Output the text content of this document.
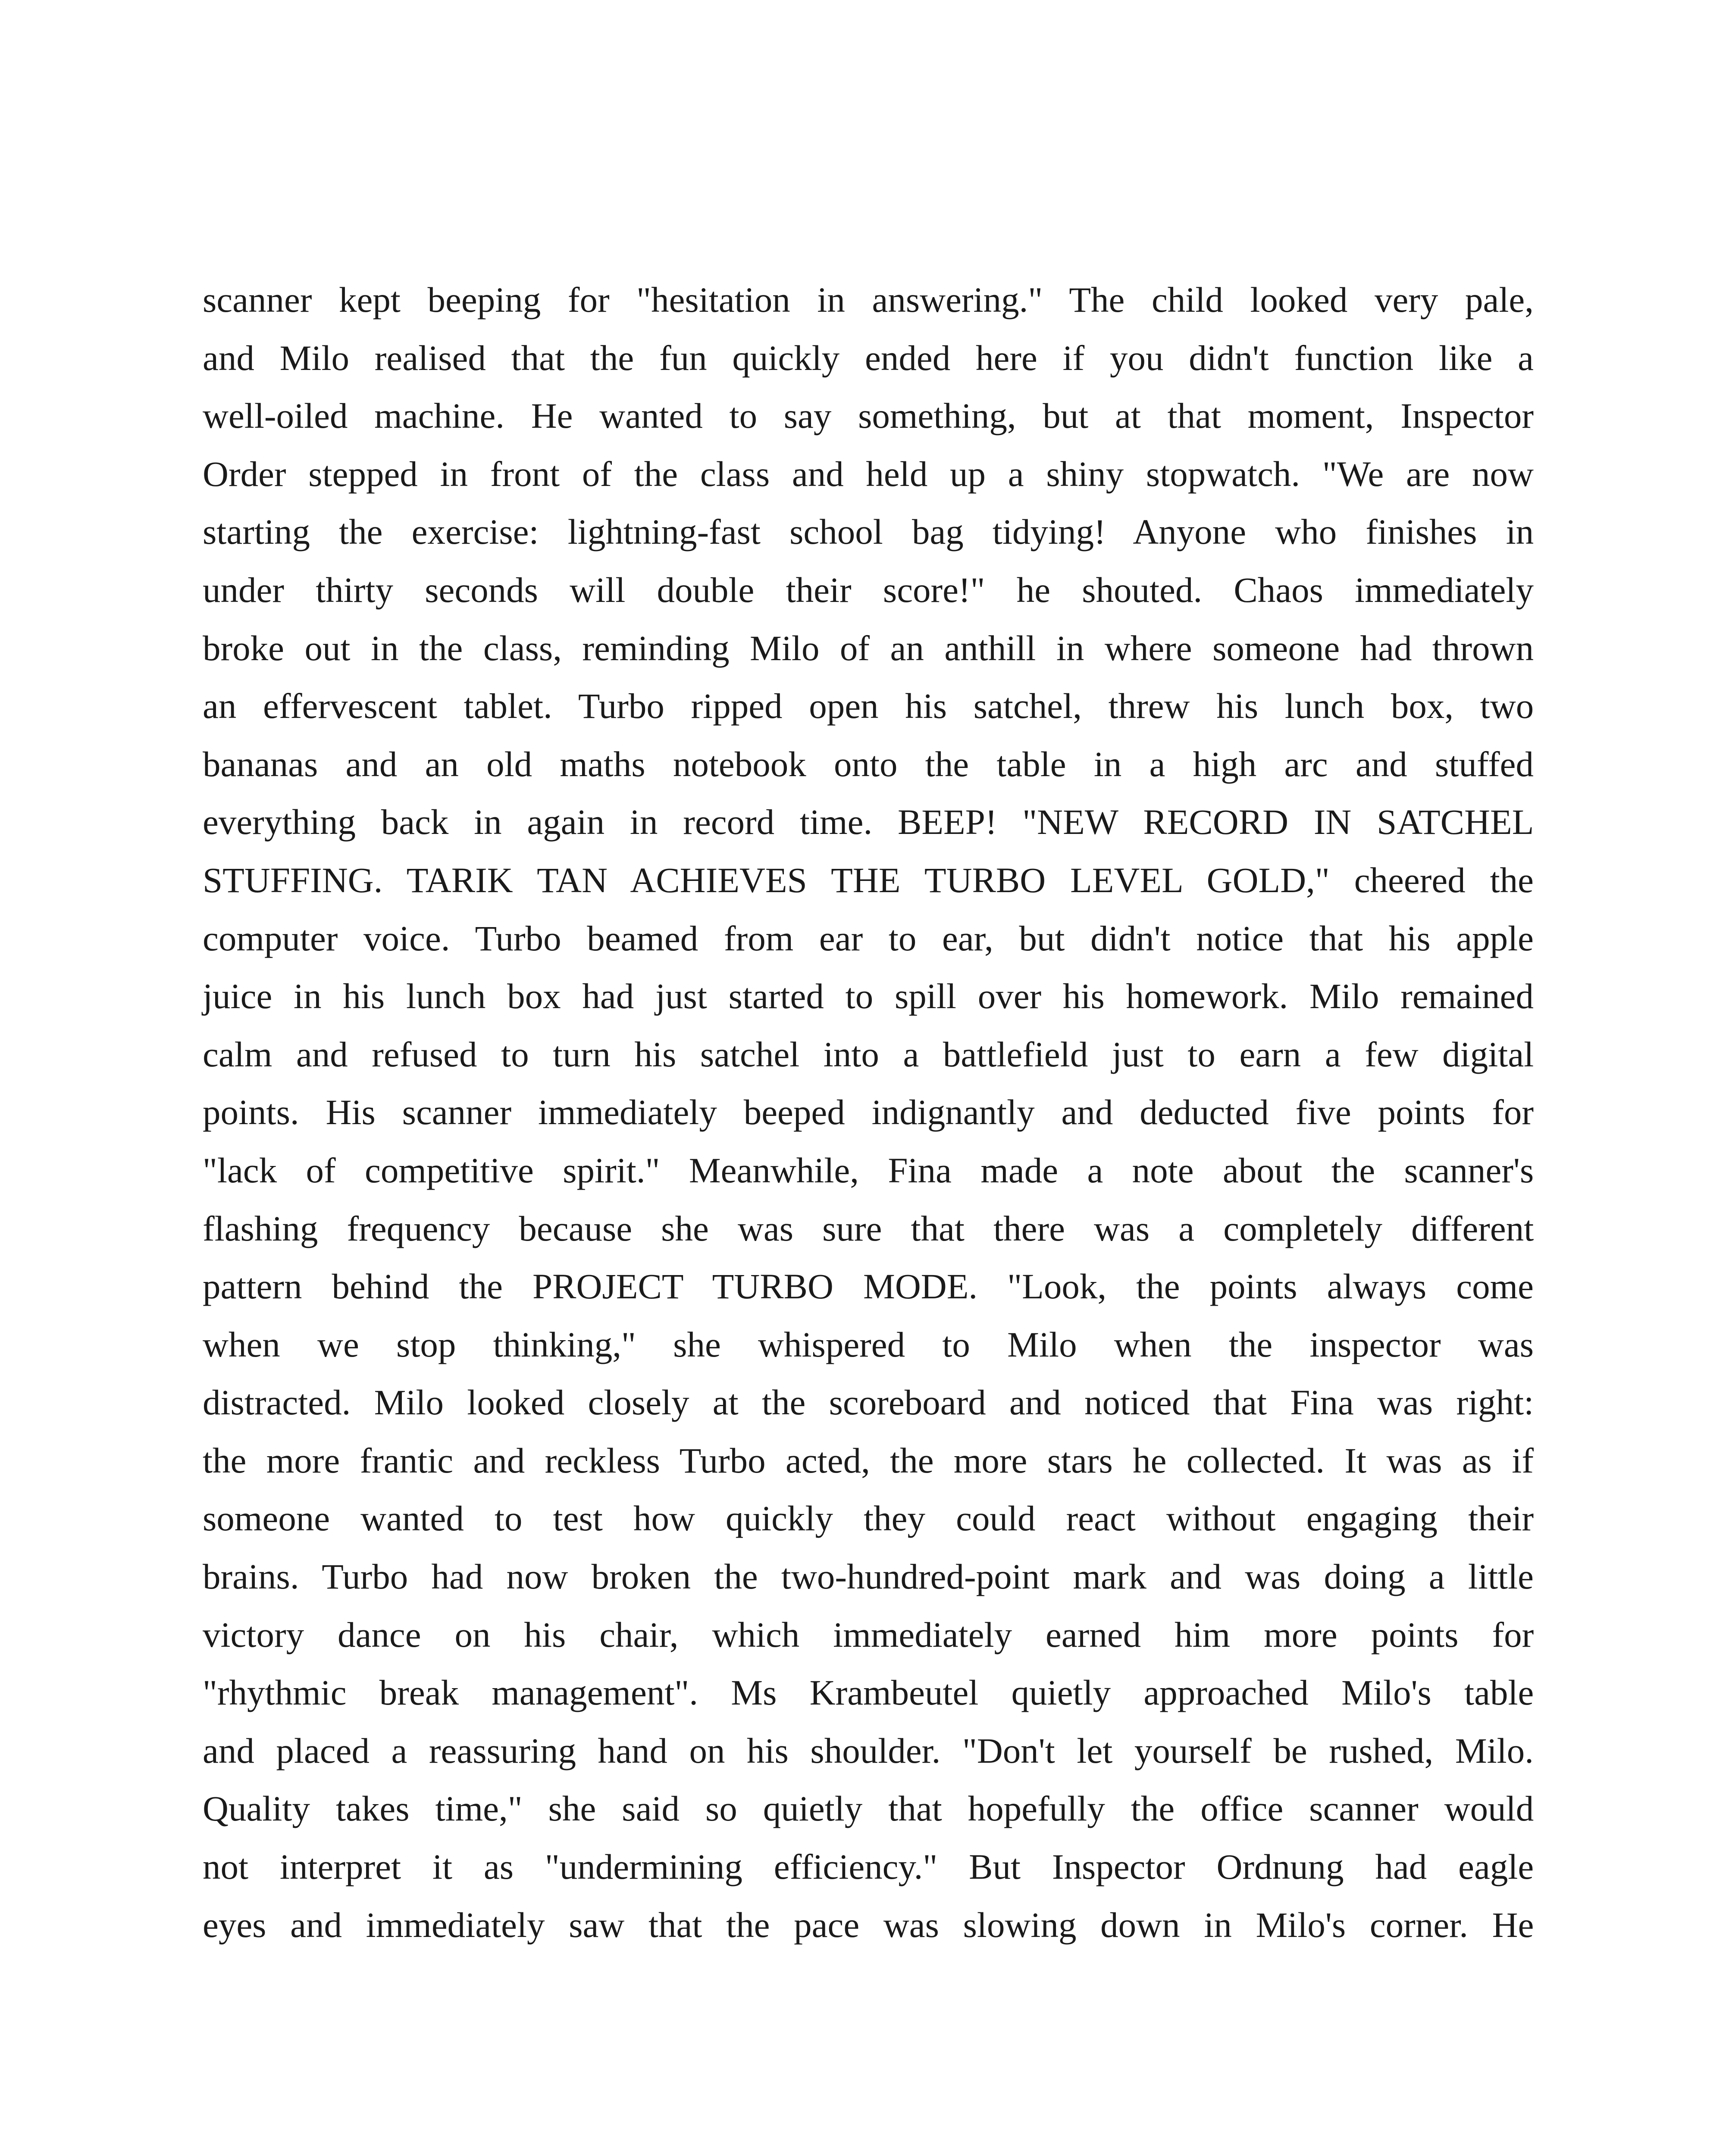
scanner kept beeping for "hesitation in answering." The child looked very pale,
and Milo realised that the fun quickly ended here if you didn't function like a
well-oiled machine. He wanted to say something, but at that moment, Inspector
Order stepped in front of the class and held up a shiny stopwatch. "We are now
starting the exercise: lightning-fast school bag tidying! Anyone who finishes in
under thirty seconds will double their score!" he shouted. Chaos immediately
broke out in the class, reminding Milo of an anthill in where someone had thrown
an effervescent tablet. Turbo ripped open his satchel, threw his lunch box, two
bananas and an old maths notebook onto the table in a high arc and stuffed
everything back in again in record time. BEEP! "NEW RECORD IN SATCHEL
STUFFING. TARIK TAN ACHIEVES THE TURBO LEVEL GOLD," cheered the
computer voice. Turbo beamed from ear to ear, but didn't notice that his apple
juice in his lunch box had just started to spill over his homework. Milo remained
calm and refused to turn his satchel into a battlefield just to earn a few digital
points. His scanner immediately beeped indignantly and deducted five points for
"lack of competitive spirit." Meanwhile, Fina made a note about the scanner's
flashing frequency because she was sure that there was a completely different
pattern behind the PROJECT TURBO MODE. "Look, the points always come
when we stop thinking," she whispered to Milo when the inspector was
distracted. Milo looked closely at the scoreboard and noticed that Fina was right:
the more frantic and reckless Turbo acted, the more stars he collected. It was as if
someone wanted to test how quickly they could react without engaging their
brains. Turbo had now broken the two-hundred-point mark and was doing a little
victory dance on his chair, which immediately earned him more points for
"rhythmic break management". Ms Krambeutel quietly approached Milo's table
and placed a reassuring hand on his shoulder. "Don't let yourself be rushed, Milo.
Quality takes time," she said so quietly that hopefully the office scanner would
not interpret it as "undermining efficiency." But Inspector Ordnung had eagle
eyes and immediately saw that the pace was slowing down in Milo's corner. He
